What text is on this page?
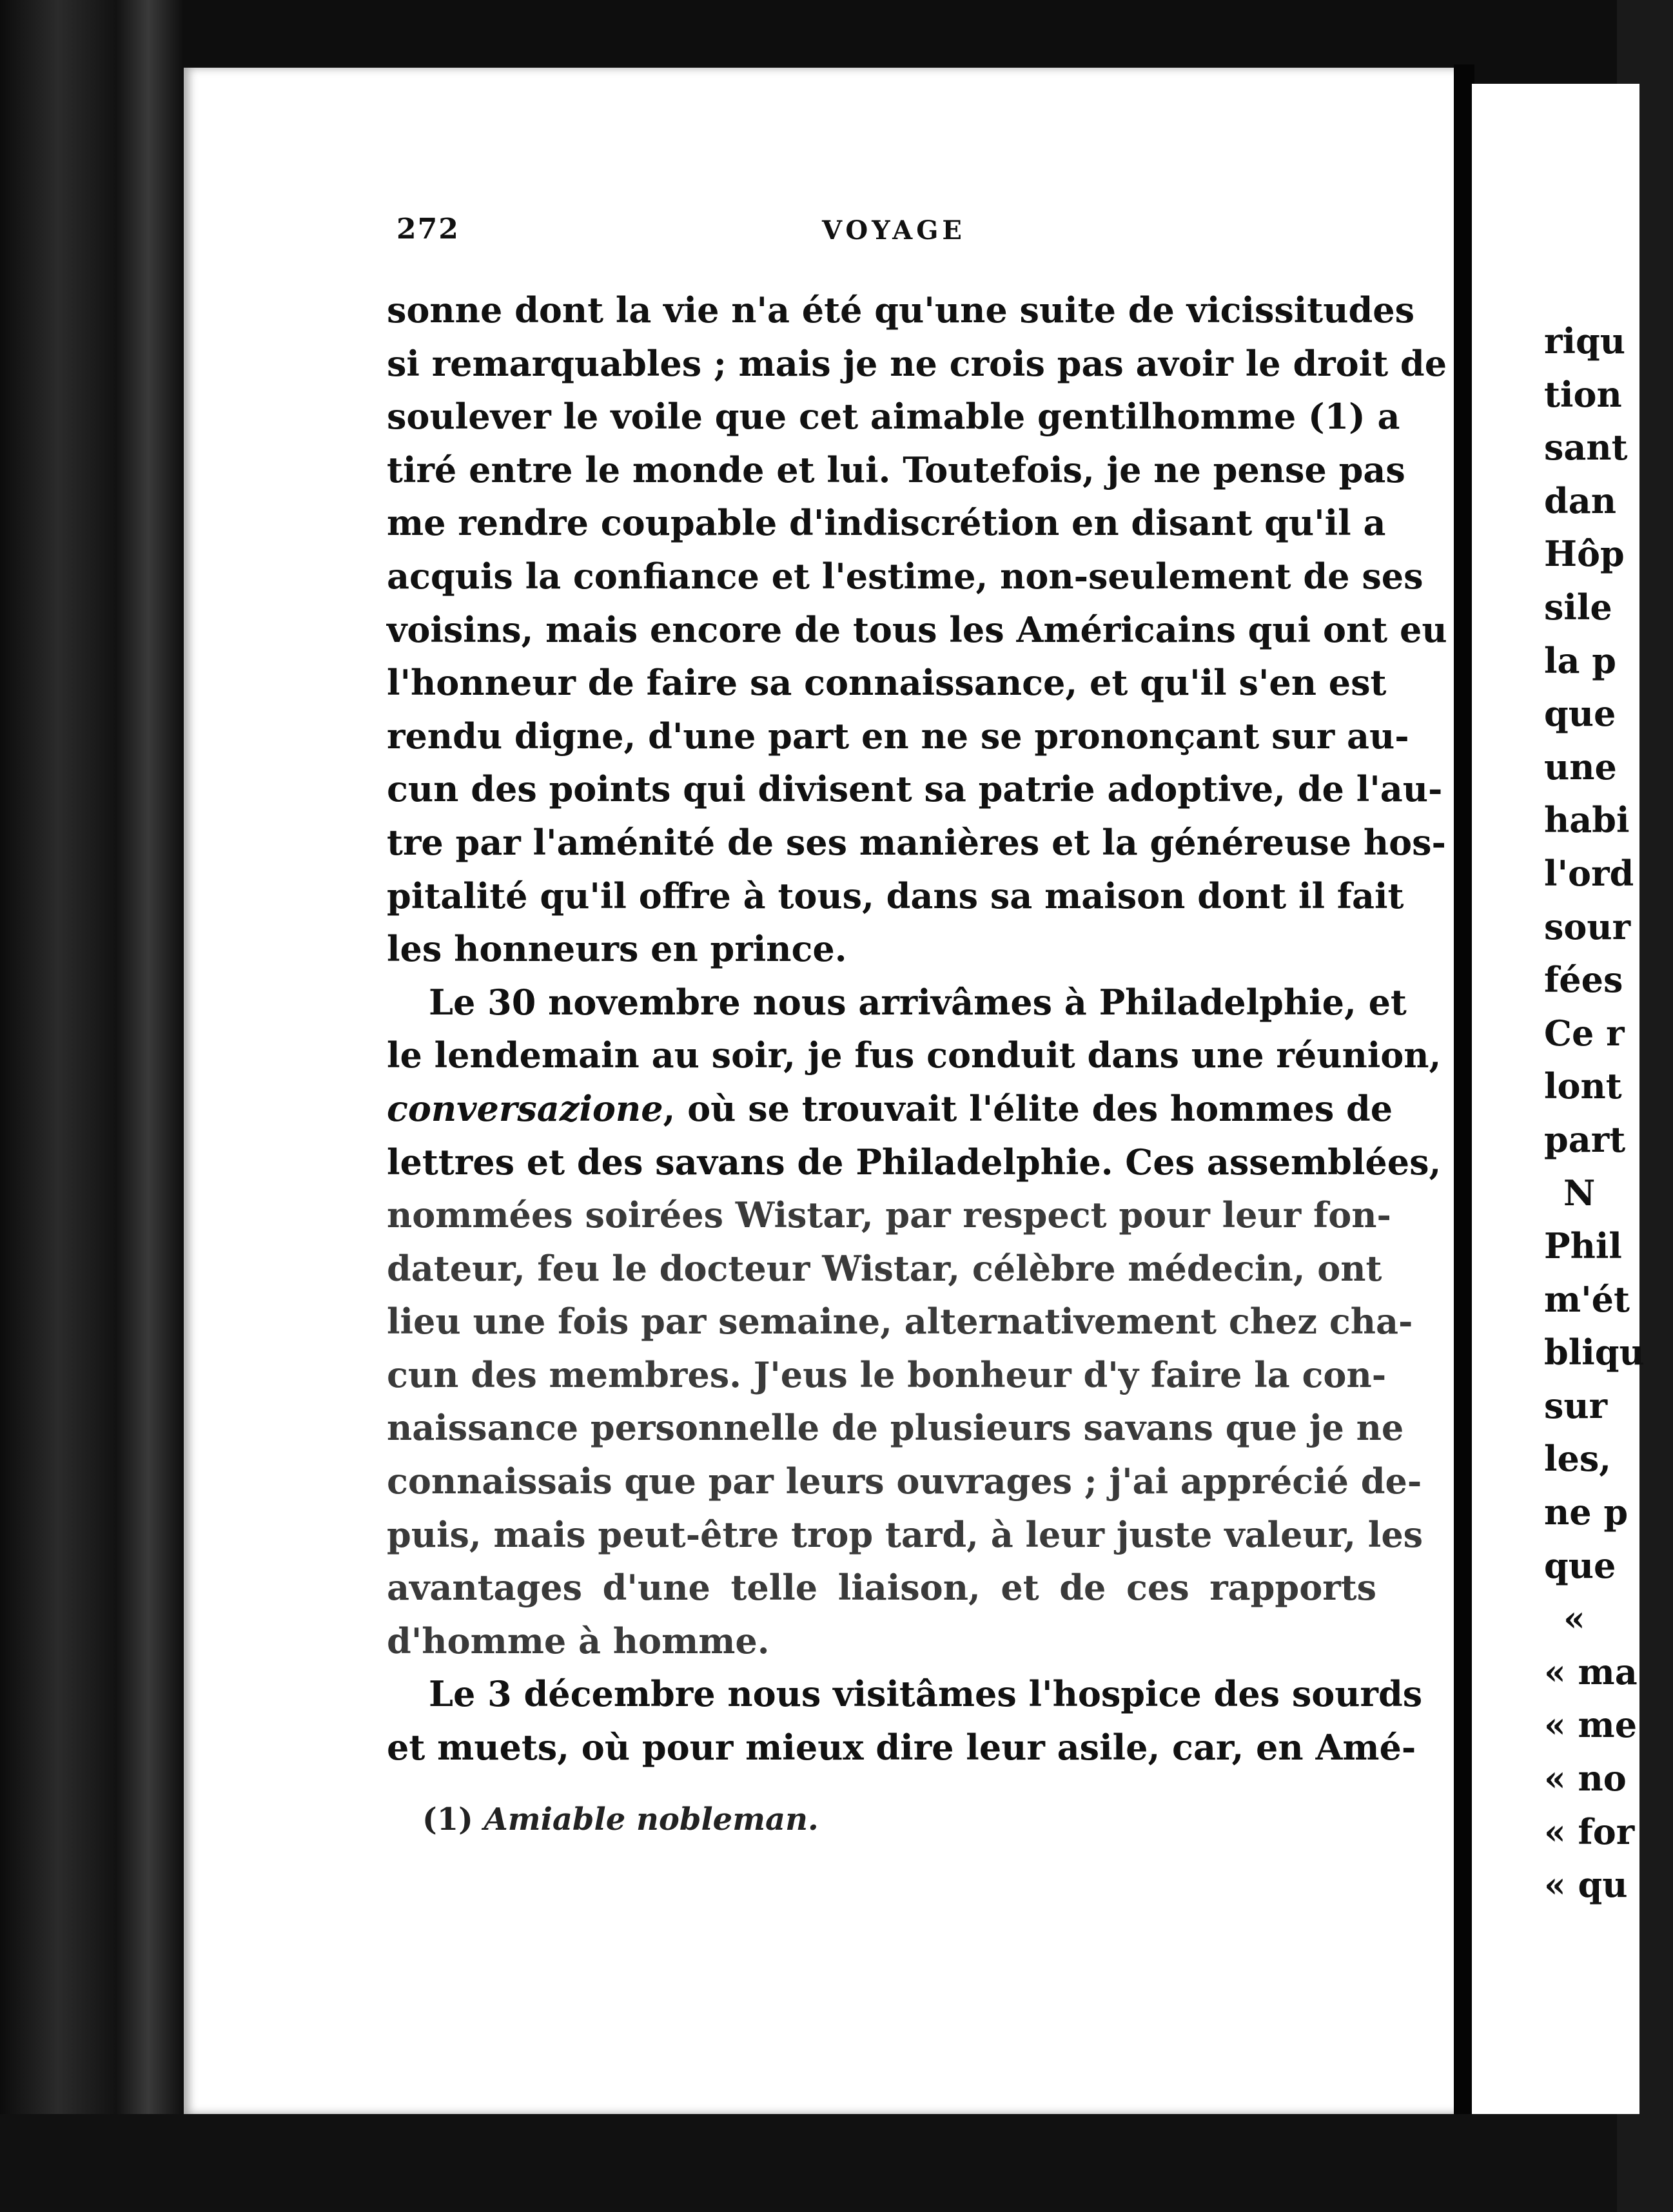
272	VOYAGE
sonne dont la vie n'a été qu'une suite de vicissitudes
si remarquables ; mais je ne crois pas avoir le droit de
soulever le voile que cet aimable gentilhomme (1) a
tiré entre le monde et lui. Toutefois, je ne pense pas
me rendre coupable d'indiscrétion en disant qu'il a
acquis la confiance et l'estime, non-seulement de ses
voisins, mais encore de tous les Américains qui ont eu
l'honneur de faire sa connaissance, et qu'il s'en est
rendu digne, d'une part en ne se prononçant sur au-
cun des points qui divisent sa patrie adoptive, de l'au-
tre par l'aménité de ses manières et la généreuse hos-
pitalité qu'il offre à tous, dans sa maison dont il fait
les honneurs en prince.
Le 30 novembre nous arrivâmes à Philadelphie, et
le lendemain au soir, je fus conduit dans une réunion,
conversazione, où se trouvait l'élite des hommes de
lettres et des savans de Philadelphie. Ces assemblées,
nommées soirées Wistar, par respect pour leur fon-
dateur, feu le docteur Wistar, célèbre médecin, ont
lieu une fois par semaine, alternativement chez cha-
cun des membres. J'eus le bonheur d'y faire la con-
naissance personnelle de plusieurs savans que je ne
connaissais que par leurs ouvrages ; j'ai apprécié de-
puis, mais peut-être trop tard, à leur juste valeur, les
avantages d'une telle liaison, et de ces rapports
d'homme à homme.
Le 3 décembre nous visitâmes l'hospice des sourds
et muets, où pour mieux dire leur asile, car, en Amé-
(1) Amiable nobleman.
riqu
tion
sant
dan
Hôp
sile
la p
que
une
habi
l'ord
sour
fées
Ce r
lont
part
N
Phil
m'ét
bliqu
sur
les,
ne p
que
«
« ma
« me
« no
« for
« qu
